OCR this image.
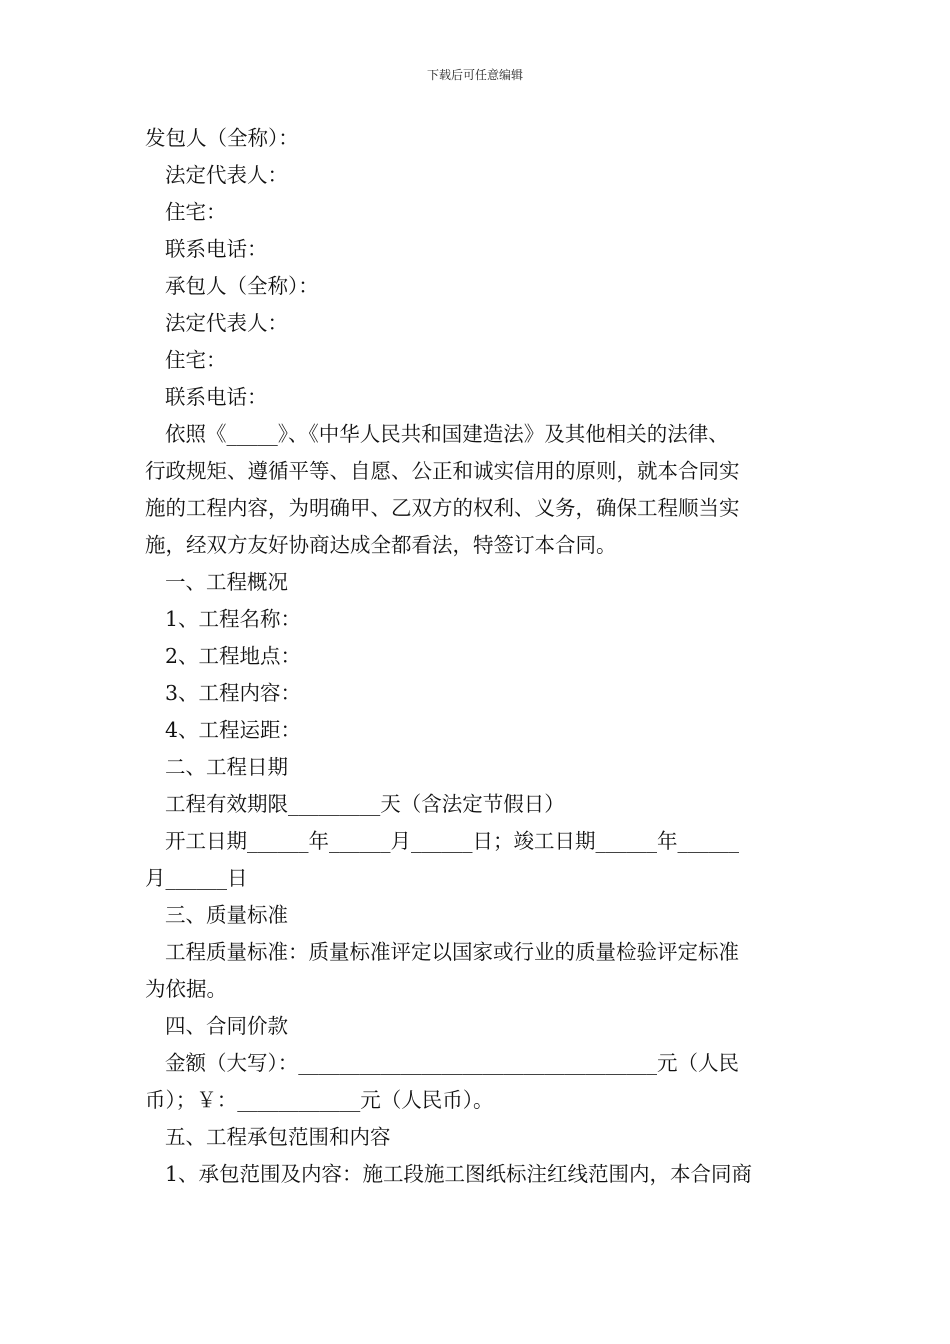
下载后可任意编辑
发包人（全称）：
法定代表人：
住宅：
联系电话：
承包人（全称）：
法定代表人：
住宅：
联系电话：
依照《_____》、《中华人民共和国建造法》及其他相关的法律、
行政规矩、遵循平等、自愿、公正和诚实信用的原则，就本合同实
施的工程内容，为明确甲、乙双方的权利、义务，确保工程顺当实
施，经双方友好协商达成全都看法，特签订本合同。
一、工程概况
1、工程名称：
2、工程地点：
3、工程内容：
4、工程运距：
二、工程日期
工程有效期限_________天（含法定节假日）
开工日期______年______月______日；竣工日期______年______
月______日
三、质量标准
工程质量标准：质量标准评定以国家或行业的质量检验评定标准
为依据。
四、合同价款
金额（大写）：___________________________________元（人民
币）；￥：____________元（人民币）。
五、工程承包范围和内容
1、承包范围及内容：施工段施工图纸标注红线范围内，本合同商
